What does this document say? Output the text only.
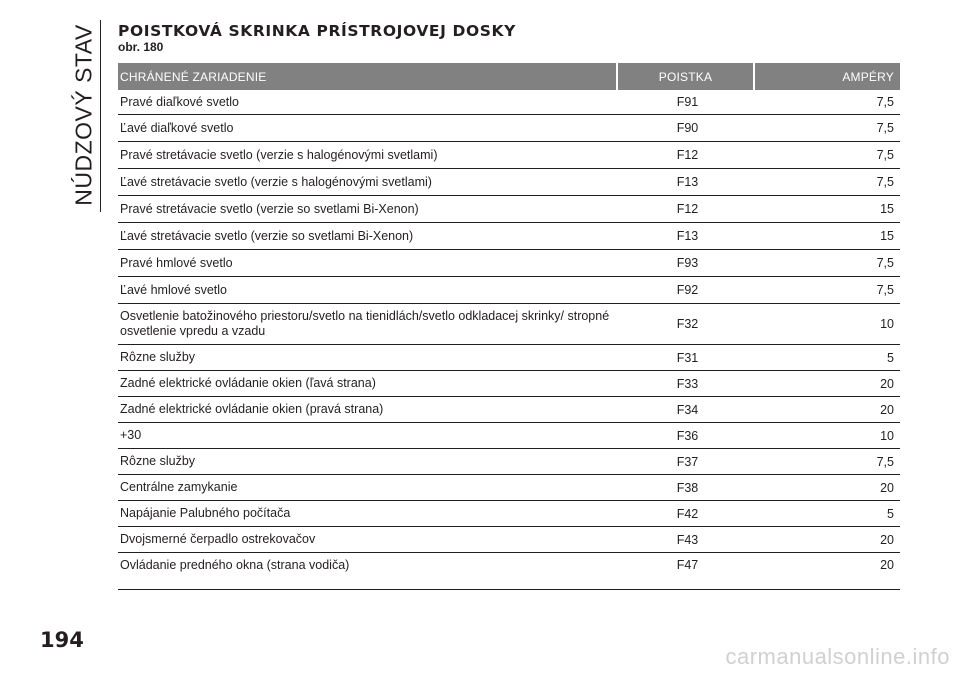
NÚDZOVÝ STAV POISTKOVÁ SKRINKA PRÍSTROJOVEJ DOSKY
obr. 180
CHRÁNENÉ ZARIADENIE	POISTKA	AMPÉRY
Pravé diaľkové svetlo	F91	7,5
Ľavé diaľkové svetlo	F90	7,5
Pravé stretávacie svetlo (verzie s halogénovými svetlami)	F12	7,5
Ľavé stretávacie svetlo (verzie s halogénovými svetlami)	F13	7,5
Pravé stretávacie svetlo (verzie so svetlami Bi-Xenon)	F12	15
Ľavé stretávacie svetlo (verzie so svetlami Bi-Xenon)	F13	15
Pravé hmlové svetlo	F93	7,5
Ľavé hmlové svetlo	F92	7,5
Osvetlenie batožinového priestoru/svetlo na tienidlách/svetlo odkladacej skrinky/ stropné osvetlenie vpredu a vzadu	F32	10
Rôzne služby	F31	5
Zadné elektrické ovládanie okien (ľavá strana)	F33	20
Zadné elektrické ovládanie okien (pravá strana)	F34	20
+30	F36	10
Rôzne služby	F37	7,5
Centrálne zamykanie	F38	20
Napájanie Palubného počítača	F42	5
Dvojsmerné čerpadlo ostrekovačov	F43	20
Ovládanie predného okna (strana vodiča)	F47	20
194
carmanualsonline.info
